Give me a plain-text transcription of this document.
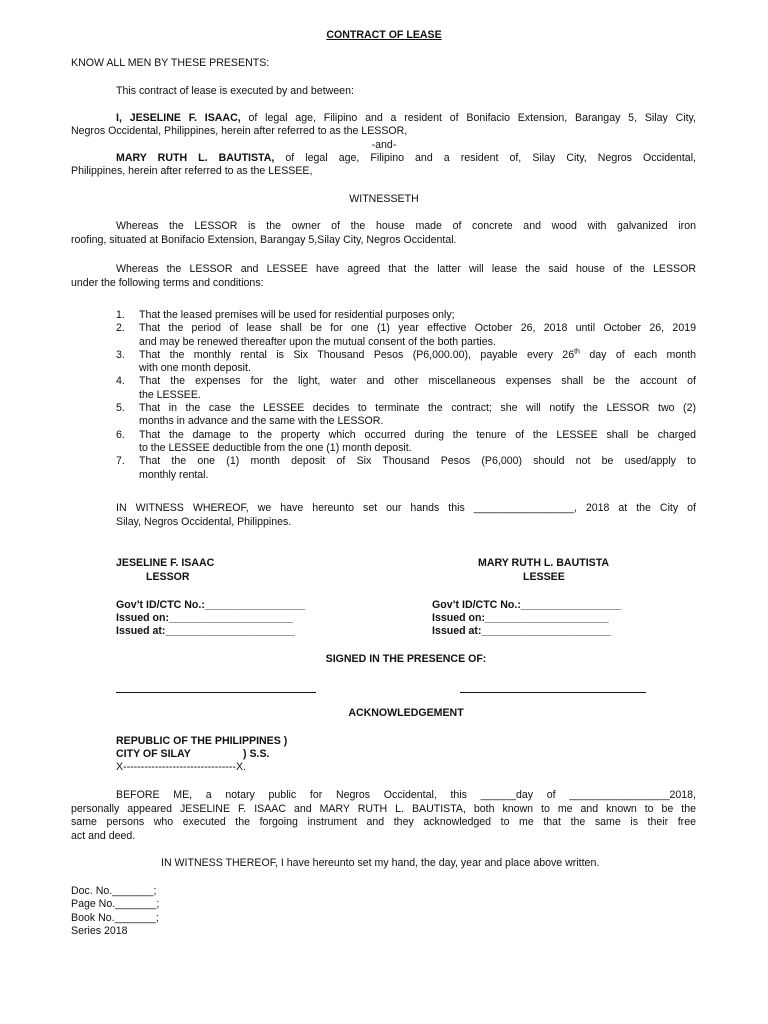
CONTRACT OF LEASE
KNOW ALL MEN BY THESE PRESENTS:
This contract of lease is executed by and between:
I, JESELINE F. ISAAC, of legal age, Filipino and a resident of Bonifacio Extension, Barangay 5, Silay City,
Negros Occidental, Philippines, herein after referred to as the LESSOR,
-and-
MARY RUTH L. BAUTISTA, of legal age, Filipino and a resident of, Silay City, Negros Occidental,
Philippines, herein after referred to as the LESSEE,
WITNESSETH
Whereas the LESSOR is the owner of the house made of concrete and wood with galvanized iron
roofing, situated at Bonifacio Extension, Barangay 5,Silay City, Negros Occidental.
Whereas the LESSOR and LESSEE have agreed that the latter will lease the said house of the LESSOR
under the following terms and conditions:
1. That the leased premises will be used for residential purposes only;
2. That the period of lease shall be for one (1) year effective October 26, 2018 until October 26, 2019
and may be renewed thereafter upon the mutual consent of the both parties.
3. That the monthly rental is Six Thousand Pesos (P6,000.00), payable every 26th day of each month
with one month deposit.
4. That the expenses for the light, water and other miscellaneous expenses shall be the account of
the LESSEE.
5. That in the case the LESSEE decides to terminate the contract; she will notify the LESSOR two (2)
months in advance and the same with the LESSOR.
6. That the damage to the property which occurred during the tenure of the LESSEE shall be charged
to the LESSEE deductible from the one (1) month deposit.
7. That the one (1) month deposit of Six Thousand Pesos (P6,000) should not be used/apply to
monthly rental.
IN WITNESS WHEREOF, we have hereunto set our hands this _________________, 2018 at the City of
Silay, Negros Occidental, Philippines.
JESELINE F. ISAAC
LESSOR
MARY RUTH L. BAUTISTA
LESSEE
Gov’t ID/CTC No.:_________________
Issued on:_____________________
Issued at:______________________
Gov’t ID/CTC No.:_________________
Issued on:_____________________
Issued at:______________________
SIGNED IN THE PRESENCE OF:
ACKNOWLEDGEMENT
REPUBLIC OF THE PHILIPPINES )
CITY OF SILAY	) S.S.
X--------------------------------X.
BEFORE ME, a notary public for Negros Occidental, this ______day of _________________2018,
personally appeared JESELINE F. ISAAC and MARY RUTH L. BAUTISTA, both known to me and known to be the
same persons who executed the forgoing instrument and they acknowledged to me that the same is their free
act and deed.
IN WITNESS THEREOF, I have hereunto set my hand, the day, year and place above written.
Doc. No._______;
Page No._______;
Book No._______;
Series 2018
